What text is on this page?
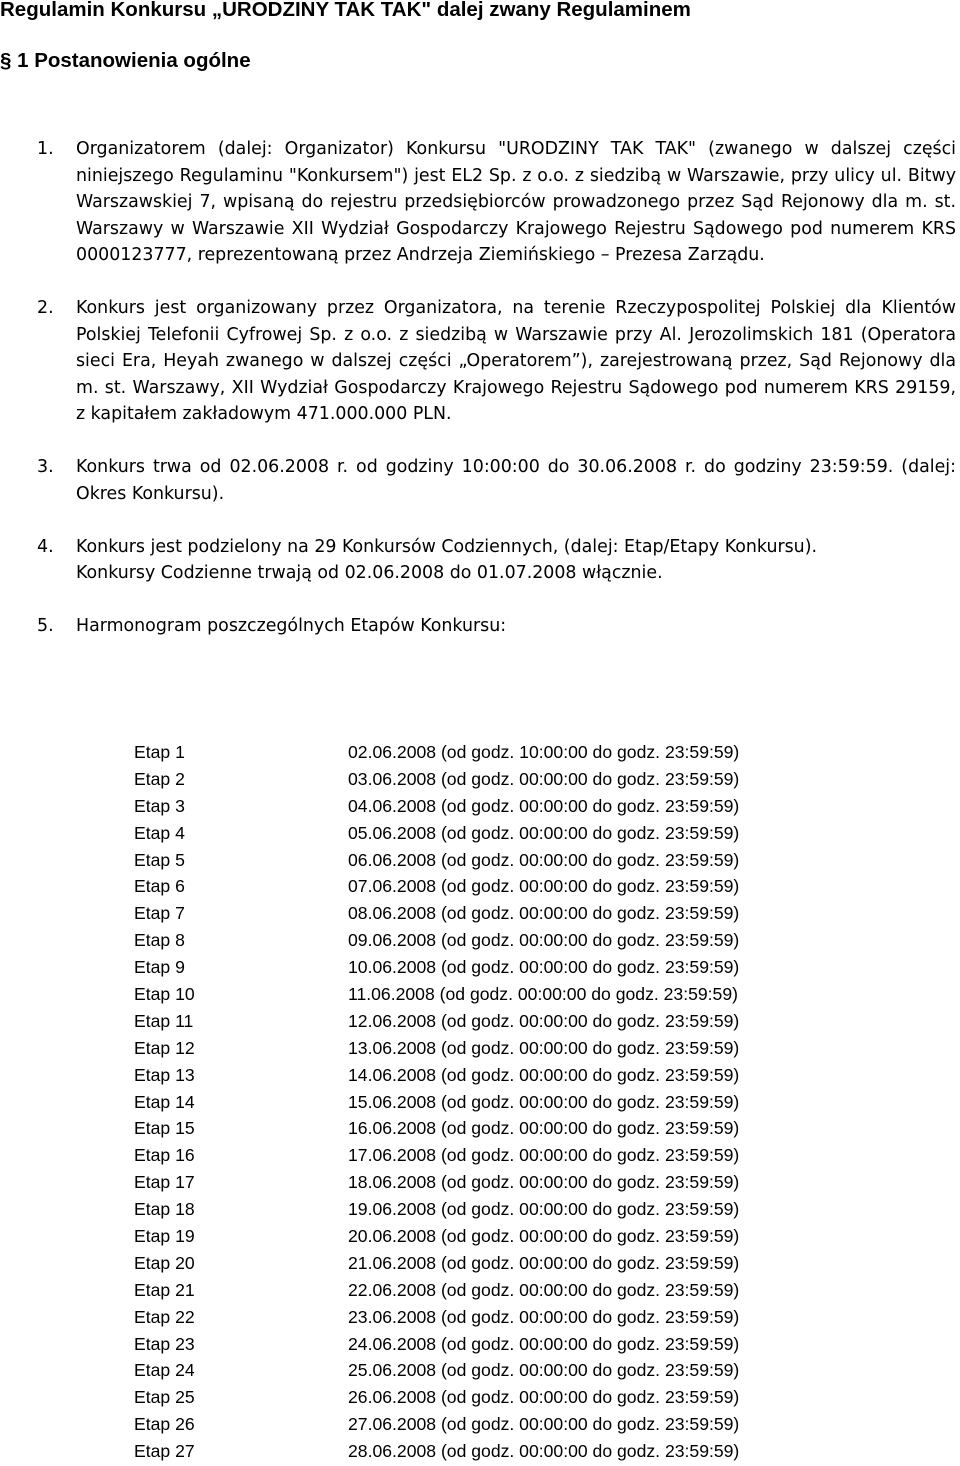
Regulamin Konkursu „URODZINY TAK TAK" dalej zwany Regulaminem
§ 1 Postanowienia ogólne
1. Organizatorem (dalej: Organizator) Konkursu "URODZINY TAK TAK" (zwanego w dalszej części niniejszego Regulaminu "Konkursem") jest EL2 Sp. z o.o. z siedzibą w Warszawie, przy ulicy ul. Bitwy Warszawskiej 7, wpisaną do rejestru przedsiębiorców prowadzonego przez Sąd Rejonowy dla m. st. Warszawy w Warszawie XII Wydział Gospodarczy Krajowego Rejestru Sądowego pod numerem KRS 0000123777, reprezentowaną przez Andrzeja Ziemińskiego – Prezesa Zarządu.

2. Konkurs jest organizowany przez Organizatora, na terenie Rzeczypospolitej Polskiej dla Klientów Polskiej Telefonii Cyfrowej Sp. z o.o. z siedzibą w Warszawie przy Al. Jerozolimskich 181 (Operatora sieci Era, Heyah zwanego w dalszej części „Operatorem”), zarejestrowaną przez, Sąd Rejonowy dla m. st. Warszawy, XII Wydział Gospodarczy Krajowego Rejestru Sądowego pod numerem KRS 29159, z kapitałem zakładowym 471.000.000 PLN.

3. Konkurs trwa od 02.06.2008 r. od godziny 10:00:00 do 30.06.2008 r. do godziny 23:59:59. (dalej: Okres Konkursu).

4. Konkurs jest podzielony na 29 Konkursów Codziennych, (dalej: Etap/Etapy Konkursu).

Konkursy Codzienne trwają od 02.06.2008 do 01.07.2008 włącznie.

5. Harmonogram poszczególnych Etapów Konkursu:

Etap 1	02.06.2008 (od godz. 10:00:00 do godz. 23:59:59)
Etap 2	03.06.2008 (od godz. 00:00:00 do godz. 23:59:59)
Etap 3	04.06.2008 (od godz. 00:00:00 do godz. 23:59:59)
Etap 4	05.06.2008 (od godz. 00:00:00 do godz. 23:59:59)
Etap 5	06.06.2008 (od godz. 00:00:00 do godz. 23:59:59)
Etap 6	07.06.2008 (od godz. 00:00:00 do godz. 23:59:59)
Etap 7	08.06.2008 (od godz. 00:00:00 do godz. 23:59:59)
Etap 8	09.06.2008 (od godz. 00:00:00 do godz. 23:59:59)
Etap 9	10.06.2008 (od godz. 00:00:00 do godz. 23:59:59)
Etap 10	11.06.2008 (od godz. 00:00:00 do godz. 23:59:59)
Etap 11	12.06.2008 (od godz. 00:00:00 do godz. 23:59:59)
Etap 12	13.06.2008 (od godz. 00:00:00 do godz. 23:59:59)
Etap 13	14.06.2008 (od godz. 00:00:00 do godz. 23:59:59)
Etap 14	15.06.2008 (od godz. 00:00:00 do godz. 23:59:59)
Etap 15	16.06.2008 (od godz. 00:00:00 do godz. 23:59:59)
Etap 16	17.06.2008 (od godz. 00:00:00 do godz. 23:59:59)
Etap 17	18.06.2008 (od godz. 00:00:00 do godz. 23:59:59)
Etap 18	19.06.2008 (od godz. 00:00:00 do godz. 23:59:59)
Etap 19	20.06.2008 (od godz. 00:00:00 do godz. 23:59:59)
Etap 20	21.06.2008 (od godz. 00:00:00 do godz. 23:59:59)
Etap 21	22.06.2008 (od godz. 00:00:00 do godz. 23:59:59)
Etap 22	23.06.2008 (od godz. 00:00:00 do godz. 23:59:59)
Etap 23	24.06.2008 (od godz. 00:00:00 do godz. 23:59:59)
Etap 24	25.06.2008 (od godz. 00:00:00 do godz. 23:59:59)
Etap 25	26.06.2008 (od godz. 00:00:00 do godz. 23:59:59)
Etap 26	27.06.2008 (od godz. 00:00:00 do godz. 23:59:59)
Etap 27	28.06.2008 (od godz. 00:00:00 do godz. 23:59:59)
